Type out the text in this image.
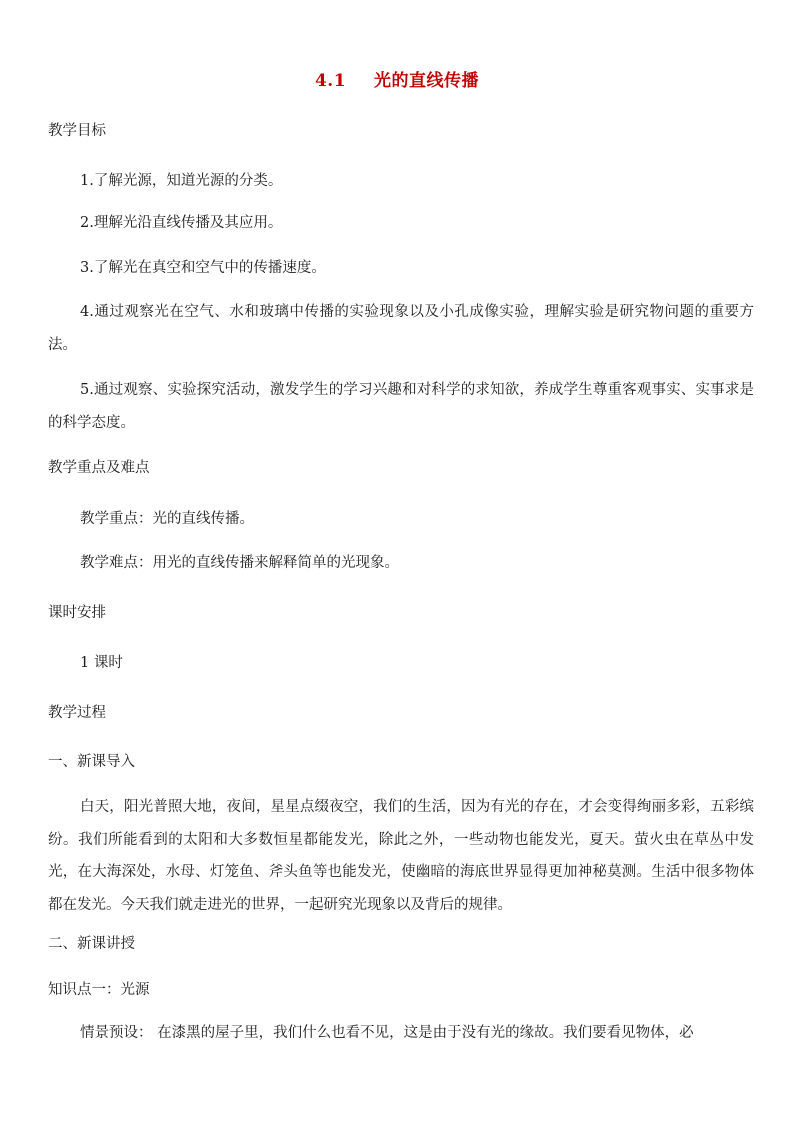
4.1 光的直线传播
教学目标
1.了解光源，知道光源的分类。
2.理解光沿直线传播及其应用。
3.了解光在真空和空气中的传播速度。
4.通过观察光在空气、水和玻璃中传播的实验现象以及小孔成像实验，理解实验是研究物问题的重要方法。
5.通过观察、实验探究活动，激发学生的学习兴趣和对科学的求知欲，养成学生尊重客观事实、实事求是的科学态度。
教学重点及难点
教学重点：光的直线传播。
教学难点：用光的直线传播来解释简单的光现象。
课时安排
1 课时
教学过程
一、新课导入
白天，阳光普照大地，夜间，星星点缀夜空，我们的生活，因为有光的存在，才会变得绚丽多彩，五彩缤纷。我们所能看到的太阳和大多数恒星都能发光，除此之外，一些动物也能发光，夏天。萤火虫在草丛中发光，在大海深处，水母、灯笼鱼、斧头鱼等也能发光，使幽暗的海底世界显得更加神秘莫测。生活中很多物体都在发光。今天我们就走进光的世界，一起研究光现象以及背后的规律。
二、新课讲授
知识点一：光源
情景预设： 在漆黑的屋子里，我们什么也看不见，这是由于没有光的缘故。我们要看见物体，必
